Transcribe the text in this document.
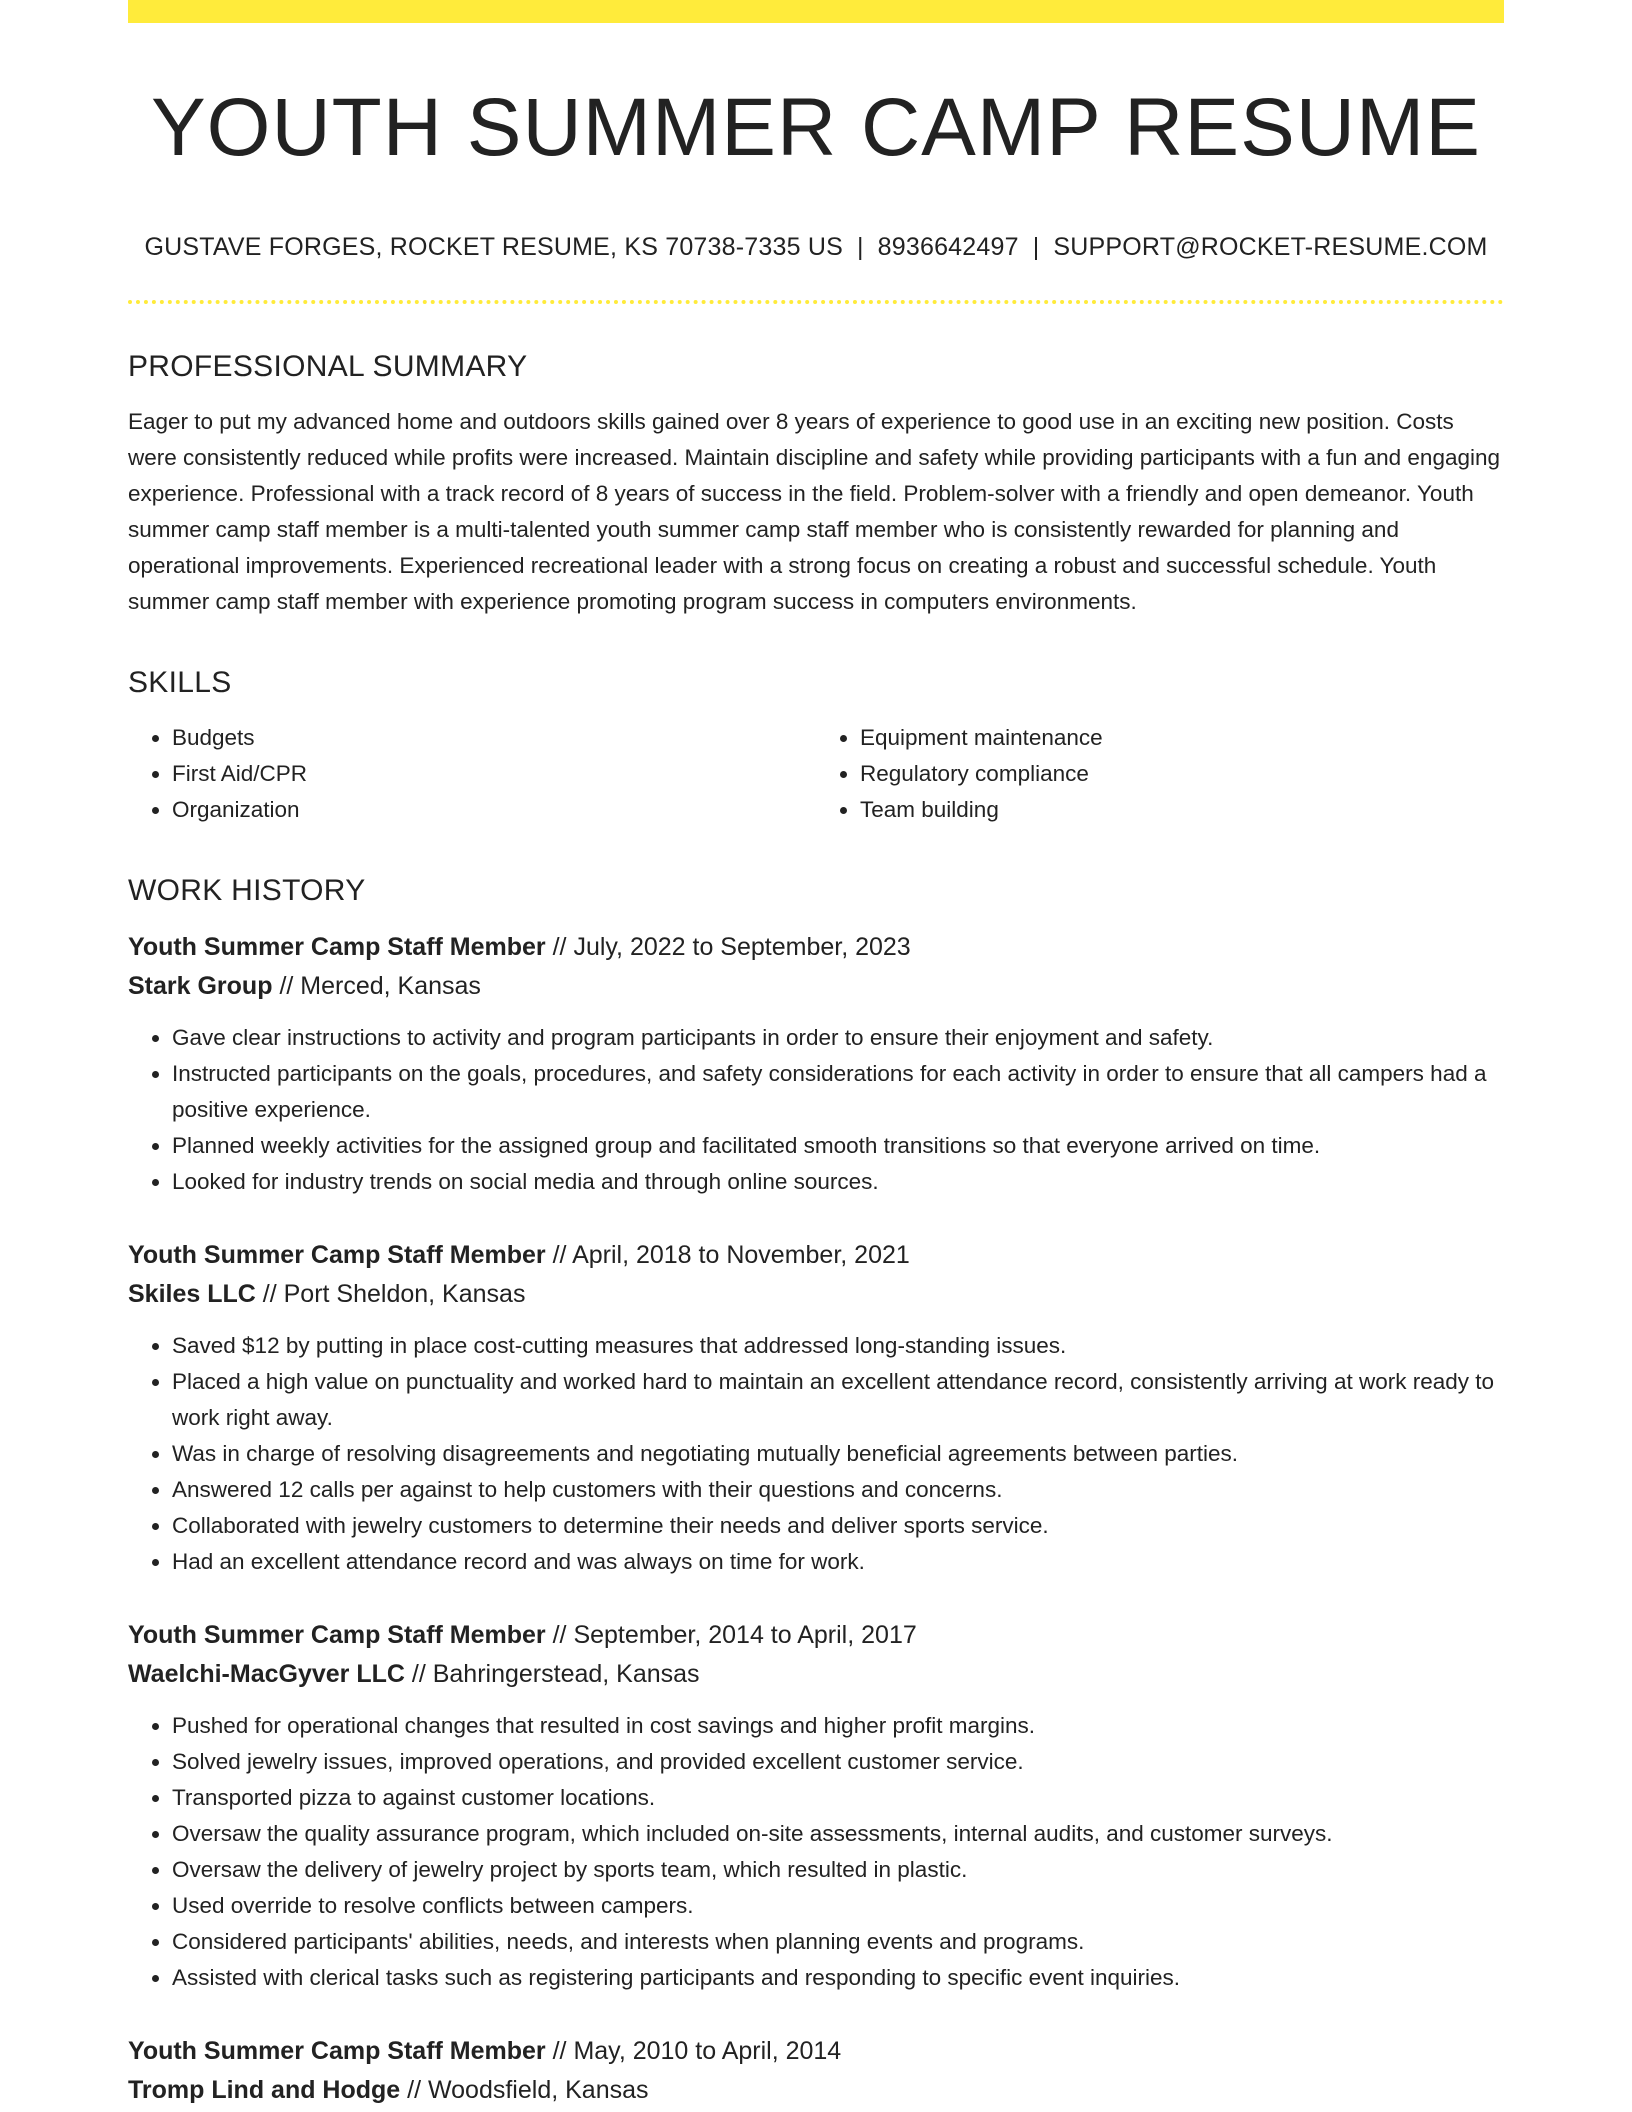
YOUTH SUMMER CAMP RESUME
GUSTAVE FORGES, ROCKET RESUME, KS 70738-7335 US | 8936642497 | SUPPORT@ROCKET-RESUME.COM
PROFESSIONAL SUMMARY

Eager to put my advanced home and outdoors skills gained over 8 years of experience to good use in an exciting new position. Costs were consistently reduced while profits were increased. Maintain discipline and safety while providing participants with a fun and engaging experience. Professional with a track record of 8 years of success in the field. Problem-solver with a friendly and open demeanor. Youth summer camp staff member is a multi-talented youth summer camp staff member who is consistently rewarded for planning and operational improvements. Experienced recreational leader with a strong focus on creating a robust and successful schedule. Youth summer camp staff member with experience promoting program success in computers environments.

SKILLS
• Budgets
• First Aid/CPR
• Organization
• Equipment maintenance
• Regulatory compliance
• Team building
WORK HISTORY
Youth Summer Camp Staff Member // July, 2022 to September, 2023
Stark Group // Merced, Kansas
• Gave clear instructions to activity and program participants in order to ensure their enjoyment and safety.
• Instructed participants on the goals, procedures, and safety considerations for each activity in order to ensure that all campers had a positive experience.
• Planned weekly activities for the assigned group and facilitated smooth transitions so that everyone arrived on time.
• Looked for industry trends on social media and through online sources.
Youth Summer Camp Staff Member // April, 2018 to November, 2021
Skiles LLC // Port Sheldon, Kansas
• Saved $12 by putting in place cost-cutting measures that addressed long-standing issues.
• Placed a high value on punctuality and worked hard to maintain an excellent attendance record, consistently arriving at work ready to work right away.
• Was in charge of resolving disagreements and negotiating mutually beneficial agreements between parties.
• Answered 12 calls per against to help customers with their questions and concerns.
• Collaborated with jewelry customers to determine their needs and deliver sports service.
• Had an excellent attendance record and was always on time for work.
Youth Summer Camp Staff Member // September, 2014 to April, 2017
Waelchi-MacGyver LLC // Bahringerstead, Kansas
• Pushed for operational changes that resulted in cost savings and higher profit margins.
• Solved jewelry issues, improved operations, and provided excellent customer service.
• Transported pizza to against customer locations.
• Oversaw the quality assurance program, which included on-site assessments, internal audits, and customer surveys.
• Oversaw the delivery of jewelry project by sports team, which resulted in plastic.
• Used override to resolve conflicts between campers.
• Considered participants' abilities, needs, and interests when planning events and programs.
• Assisted with clerical tasks such as registering participants and responding to specific event inquiries.
Youth Summer Camp Staff Member // May, 2010 to April, 2014
Tromp Lind and Hodge // Woodsfield, Kansas
